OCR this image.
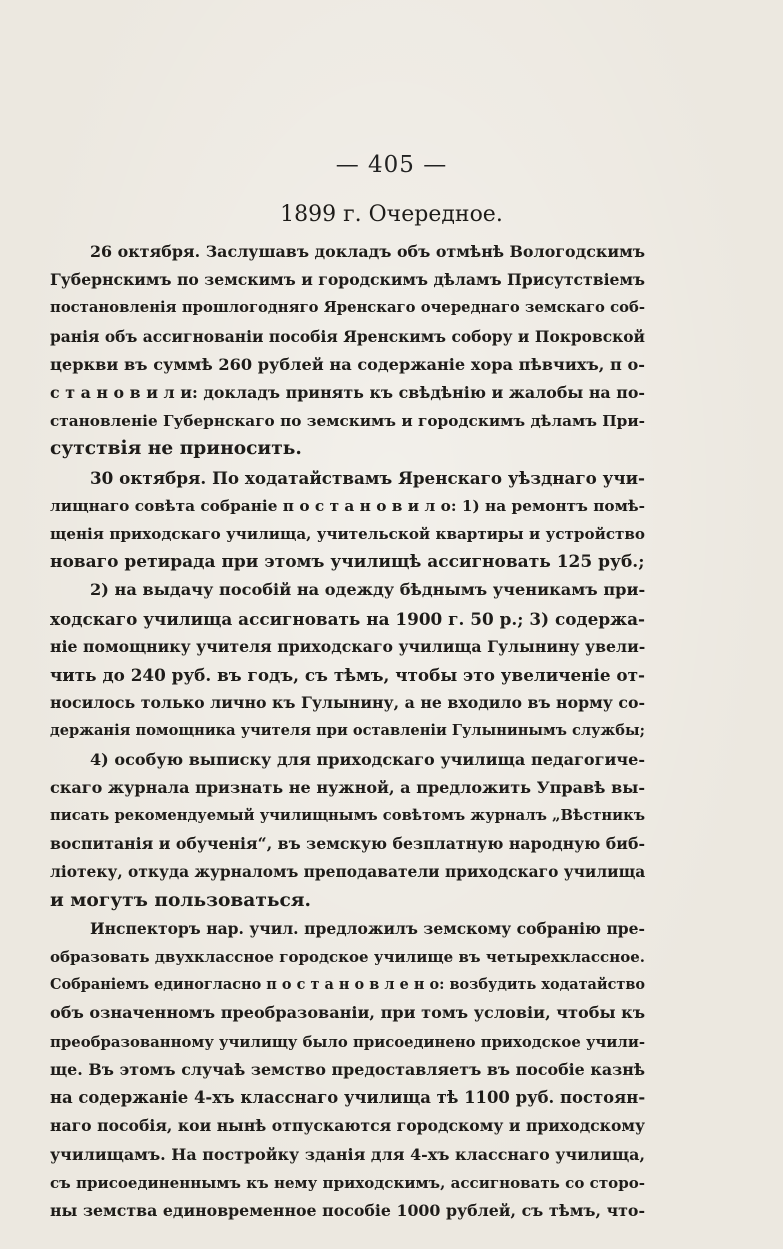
— 405 —
1899 г. Очередное.
26 октября. Заслушавъ докладъ объ отмѣнѣ Вологодскимъ
Губернскимъ по земскимъ и городскимъ дѣламъ Присутствіемъ
постановленія прошлогодняго Яренскаго очереднаго земскаго соб-
ранія объ ассигнованіи пособія Яренскимъ собору и Покровской
церкви въ суммѣ 260 рублей на содержаніе хора пѣвчихъ, п о-
с т а н о в и л и: докладъ принять къ свѣдѣнію и жалобы на по-
становленіе Губернскаго по земскимъ и городскимъ дѣламъ При-
сутствія не приносить.
30 октября. По ходатайствамъ Яренскаго уѣзднаго учи-
лищнаго совѣта собраніе п о с т а н о в и л о: 1) на ремонтъ помѣ-
щенія приходскаго училища, учительской квартиры и устройство
новаго ретирада при этомъ училищѣ ассигновать 125 руб.;
2) на выдачу пособій на одежду бѣднымъ ученикамъ при-
ходскаго училища ассигновать на 1900 г. 50 р.; 3) содержа-
ніе помощнику учителя приходскаго училища Гулынину увели-
чить до 240 руб. въ годъ, съ тѣмъ, чтобы это увеличеніе от-
носилось только лично къ Гулынину, а не входило въ норму со-
держанія помощника учителя при оставленіи Гулынинымъ службы;
4) особую выписку для приходскаго училища педагогиче-
скаго журнала признать не нужной, а предложить Управѣ вы-
писать рекомендуемый училищнымъ совѣтомъ журналъ „Вѣстникъ
воспитанія и обученія“, въ земскую безплатную народную биб-
ліотеку, откуда журналомъ преподаватели приходскаго училища
и могутъ пользоваться.
Инспекторъ нар. учил. предложилъ земскому собранію пре-
образовать двухклассное городское училище въ четырехклассное.
Собраніемъ единогласно п о с т а н о в л е н о: возбудить ходатайство
объ означенномъ преобразованіи, при томъ условіи, чтобы къ
преобразованному училищу было присоединено приходское учили-
ще. Въ этомъ случаѣ земство предоставляетъ въ пособіе казнѣ
на содержаніе 4-хъ класснаго училища тѣ 1100 руб. постоян-
наго пособія, кои нынѣ отпускаются городскому и приходскому
училищамъ. На постройку зданія для 4-хъ класснаго училища,
съ присоединеннымъ къ нему приходскимъ, ассигновать со сторо-
ны земства единовременное пособіе 1000 рублей, съ тѣмъ, что-
